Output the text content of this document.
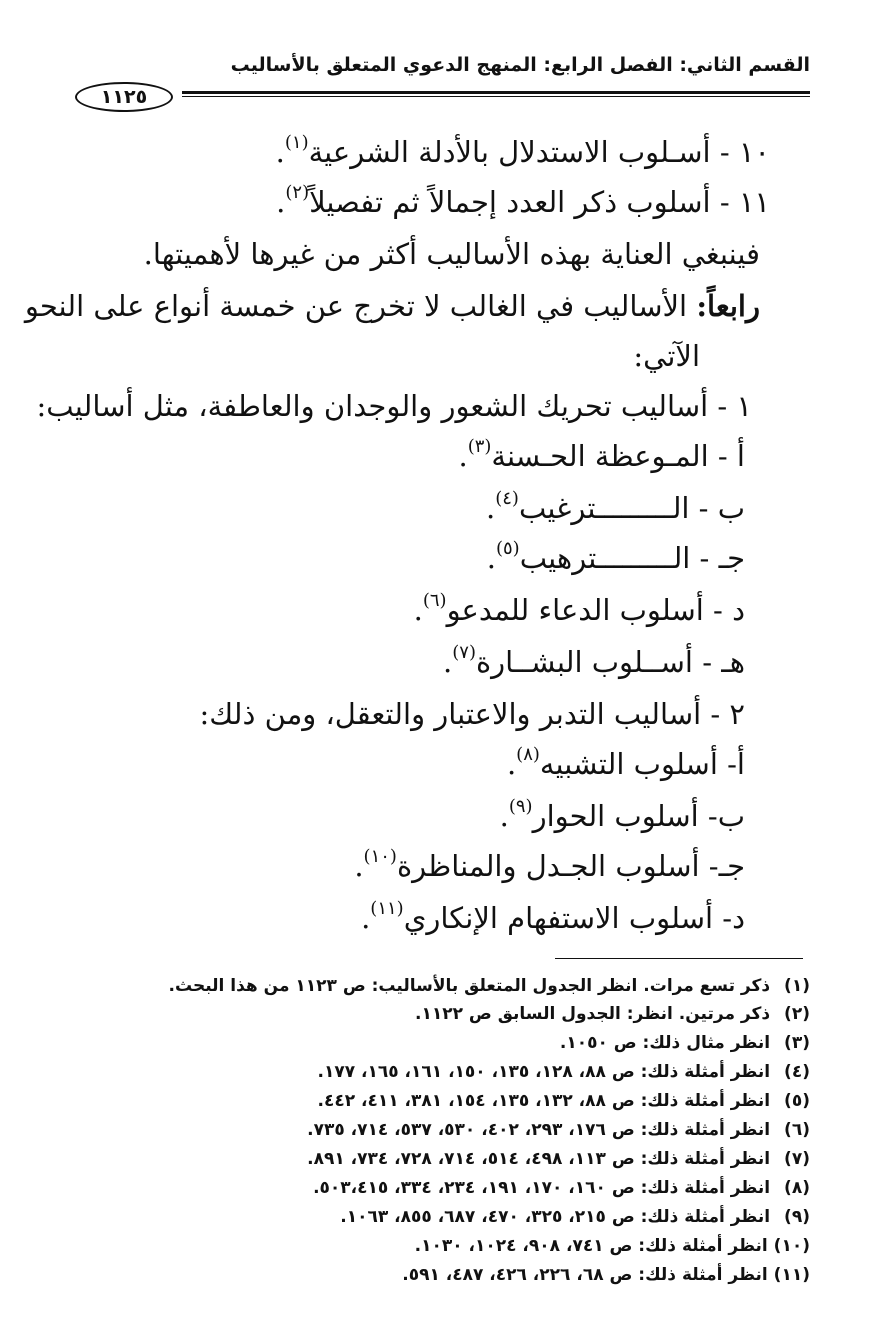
القسم الثاني: الفصل الرابع: المنهج الدعوي المتعلق بالأساليب
١١٢٥
١٠ - أسـلوب الاستدلال بالأدلة الشرعية$^{(١)}$.
١١ - أسلوب ذكر العدد إجمالاً ثم تفصيلاً$^{(٢)}$.
فينبغي العناية بهذه الأساليب أكثر من غيرها لأهميتها.
رابعاً: الأساليب في الغالب لا تخرج عن خمسة أنواع على النحو
الآتي:
١ - أساليب تحريك الشعور والوجدان والعاطفة، مثل أساليب:
أ - المـوعظة الحـسنة$^{(٣)}$.
ب - الـــــــــترغيب$^{(٤)}$.
جـ - الـــــــــترهيب$^{(٥)}$.
د - أسلوب الدعاء للمدعو$^{(٦)}$.
هـ - أســلوب البشــارة$^{(٧)}$.
٢ - أساليب التدبر والاعتبار والتعقل، ومن ذلك:
أ- أسلوب التشبيه$^{(٨)}$.
ب- أسلوب الحوار$^{(٩)}$.
جـ- أسلوب الجـدل والمناظرة$^{(١٠)}$.
د- أسلوب الاستفهام الإنكاري$^{(١١)}$.
(١) ذكر تسع مرات. انظر الجدول المتعلق بالأساليب: ص ١١٢٣ من هذا البحث.
(٢) ذكر مرتين. انظر: الجدول السابق ص ١١٢٢.
(٣) انظر مثال ذلك: ص ١٠٥٠.
(٤) انظر أمثلة ذلك: ص ٨٨، ١٢٨، ١٣٥، ١٥٠، ١٦١، ١٦٥، ١٧٧.
(٥) انظر أمثلة ذلك: ص ٨٨، ١٣٢، ١٣٥، ١٥٤، ٣٨١، ٤١١، ٤٤٢.
(٦) انظر أمثلة ذلك: ص ١٧٦، ٢٩٣، ٤٠٢، ٥٣٠، ٥٣٧، ٧١٤، ٧٣٥.
(٧) انظر أمثلة ذلك: ص ١١٣، ٤٩٨، ٥١٤، ٧١٤، ٧٢٨، ٧٣٤، ٨٩١.
(٨) انظر أمثلة ذلك: ص ١٦٠، ١٧٠، ١٩١، ٢٣٤، ٣٣٤، ٥٠٣،٤١٥.
(٩) انظر أمثلة ذلك: ص ٢١٥، ٣٢٥، ٤٧٠، ٦٨٧، ٨٥٥، ١٠٦٣.
(١٠) انظر أمثلة ذلك: ص ٧٤١، ٩٠٨، ١٠٢٤، ١٠٣٠.
(١١) انظر أمثلة ذلك: ص ٦٨، ٢٢٦، ٤٢٦، ٤٨٧، ٥٩١.
